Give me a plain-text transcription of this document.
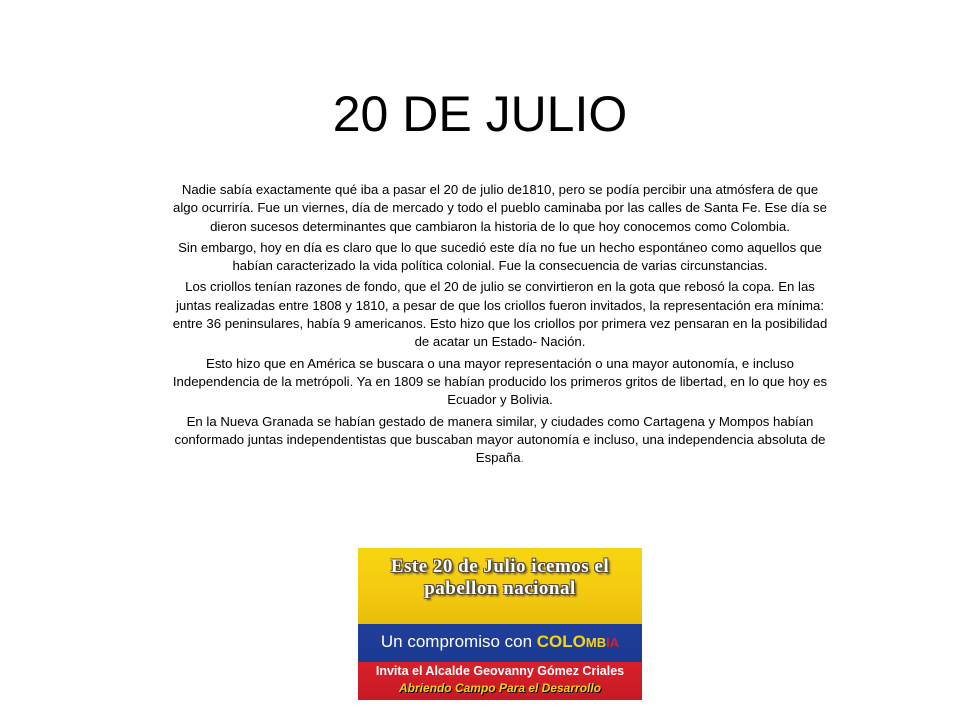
20 DE JULIO

Nadie sabía exactamente qué iba a pasar el 20 de julio de1810, pero se podía percibir una atmósfera de que algo ocurriría. Fue un viernes, día de mercado y todo el pueblo caminaba por las calles de Santa Fe. Ese día se dieron sucesos determinantes que cambiaron la historia de lo que hoy conocemos como Colombia.

Sin embargo, hoy en día es claro que lo que sucedió este día no fue un hecho espontáneo como aquellos que habían caracterizado la vida política colonial. Fue la consecuencia de varias circunstancias.

Los criollos tenían razones de fondo, que el 20 de julio se convirtieron en la gota que rebosó la copa. En las juntas realizadas entre 1808 y 1810, a pesar de que los criollos fueron invitados, la representación era mínima: entre 36 peninsulares, había 9 americanos. Esto hizo que los criollos por primera vez pensaran en la posibilidad de acatar un Estado- Nación.

Esto hizo que en América se buscara o una mayor representación o una mayor autonomía, e incluso Independencia de la metrópoli. Ya en 1809 se habían producido los primeros gritos de libertad, en lo que hoy es Ecuador y Bolivia.

En la Nueva Granada se habían gestado de manera similar, y ciudades como Cartagena y Mompos habían conformado juntas independentistas que buscaban mayor autonomía e incluso, una independencia absoluta de España.

Este 20 de Julio icemos el pabellon nacional
Un compromiso con COLOMBIA
Invita el Alcalde Geovanny Gómez Criales
Abriendo Campo Para el Desarrollo
